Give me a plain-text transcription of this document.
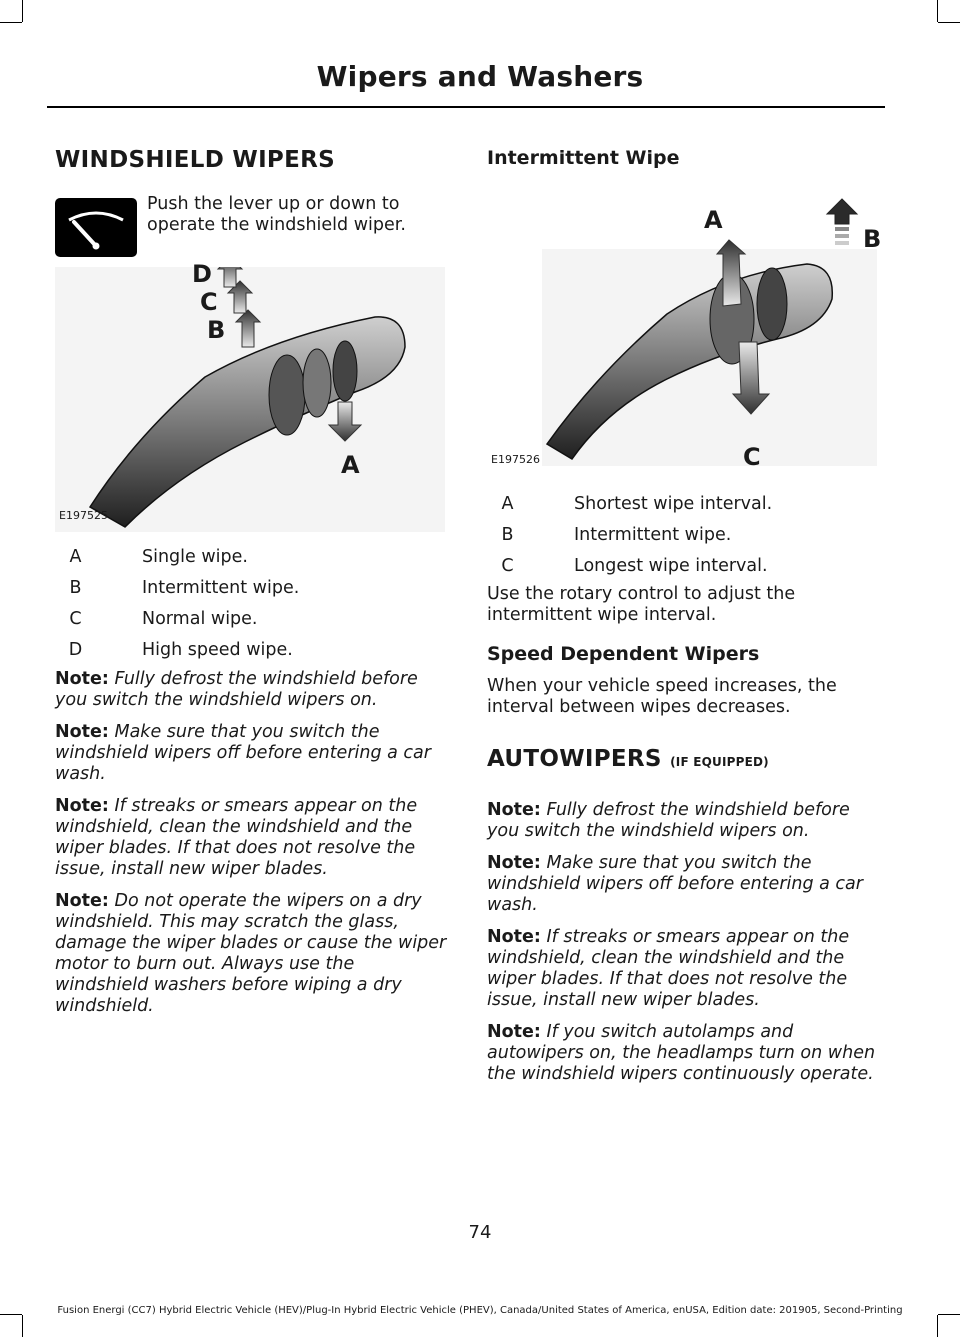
Wipers and Washers
WINDSHIELD WIPERS

Push the lever up or down to operate the windshield wiper.

D
C
B
A
E197525
A	Single wipe.
B	Intermittent wipe.
C	Normal wipe.
D	High speed wipe.

Note: Fully defrost the windshield before you switch the windshield wipers on.

Note: Make sure that you switch the windshield wipers off before entering a car wash.

Note: If streaks or smears appear on the windshield, clean the windshield and the wiper blades. If that does not resolve the issue, install new wiper blades.

Note: Do not operate the wipers on a dry windshield. This may scratch the glass, damage the wiper blades or cause the wiper motor to burn out. Always use the windshield washers before wiping a dry windshield.

Intermittent Wipe
A
B
C
E197526
A	Shortest wipe interval.
B	Intermittent wipe.
C	Longest wipe interval.

Use the rotary control to adjust the intermittent wipe interval.

Speed Dependent Wipers

When your vehicle speed increases, the interval between wipes decreases.

AUTOWIPERS (IF EQUIPPED)

Note: Fully defrost the windshield before you switch the windshield wipers on.

Note: Make sure that you switch the windshield wipers off before entering a car wash.

Note: If streaks or smears appear on the windshield, clean the windshield and the wiper blades. If that does not resolve the issue, install new wiper blades.

Note: If you switch autolamps and autowipers on, the headlamps turn on when the windshield wipers continuously operate.

74
Fusion Energi (CC7) Hybrid Electric Vehicle (HEV)/Plug-In Hybrid Electric Vehicle (PHEV), Canada/United States of America, enUSA, Edition date: 201905, Second-Printing
